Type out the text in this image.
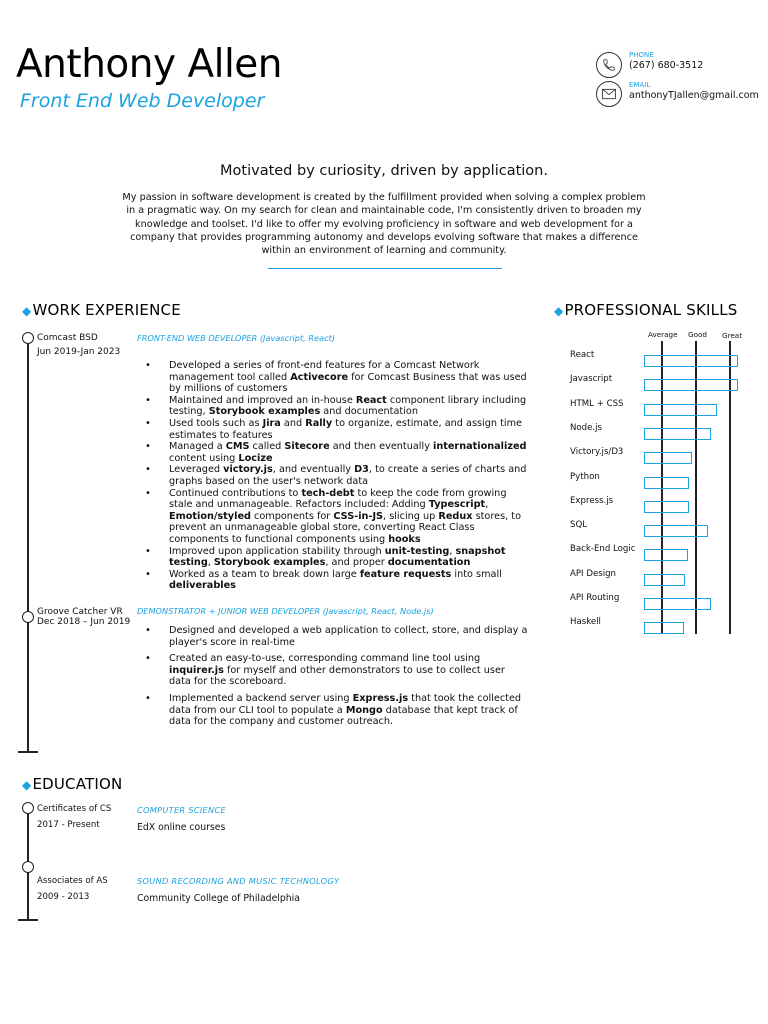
Anthony Allen
Front End Web Developer
PHONE
(267) 680-3512
EMAIL
anthonyTJallen@gmail.com
Motivated by curiosity, driven by application.
My passion in software development is created by the fulfillment provided when solving a complex problem in a pragmatic way. On my search for clean and maintainable code, I'm consistently driven to broaden my knowledge and toolset. I'd like to offer my evolving proficiency in software and web development for a company that provides programming autonomy and develops evolving software that makes a difference within an environment of learning and community.
◆WORK EXPERIENCE
Comcast BSD
Jun 2019-Jan 2023
FRONT-END WEB DEVELOPER (Javascript, React)
• Developed a series of front-end features for a Comcast Network management tool called Activecore for Comcast Business that was used by millions of customers
• Maintained and improved an in-house React component library including testing, Storybook examples and documentation
• Used tools such as Jira and Rally to organize, estimate, and assign time estimates to features
• Managed a CMS called Sitecore and then eventually internationalized content using Locize
• Leveraged victory.js, and eventually D3, to create a series of charts and graphs based on the user's network data
• Continued contributions to tech-debt to keep the code from growing stale and unmanageable. Refactors included: Adding Typescript, Emotion/styled components for CSS-in-JS, slicing up Redux stores, to prevent an unmanageable global store, converting React Class components to functional components using hooks
• Improved upon application stability through unit-testing, snapshot testing, Storybook examples, and proper documentation
• Worked as a team to break down large feature requests into small deliverables
Groove Catcher VR
Dec 2018 – Jun 2019
DEMONSTRATOR + JUNIOR WEB DEVELOPER (Javascript, React, Node.js)
• Designed and developed a web application to collect, store, and display a player's score in real-time
• Created an easy-to-use, corresponding command line tool using inquirer.js for myself and other demonstrators to use to collect user data for the scoreboard.
• Implemented a backend server using Express.js that took the collected data from our CLI tool to populate a Mongo database that kept track of data for the company and customer outreach.
◆PROFESSIONAL SKILLS
Average Good Great
React
Javascript
HTML + CSS
Node.js
Victory.js/D3
Python
Express.js
SQL
Back-End Logic
API Design
API Routing
Haskell
◆EDUCATION
Certificates of CS
2017 - Present
COMPUTER SCIENCE
EdX online courses
Associates of AS
2009 - 2013
SOUND RECORDING AND MUSIC TECHNOLOGY
Community College of Philadelphia
